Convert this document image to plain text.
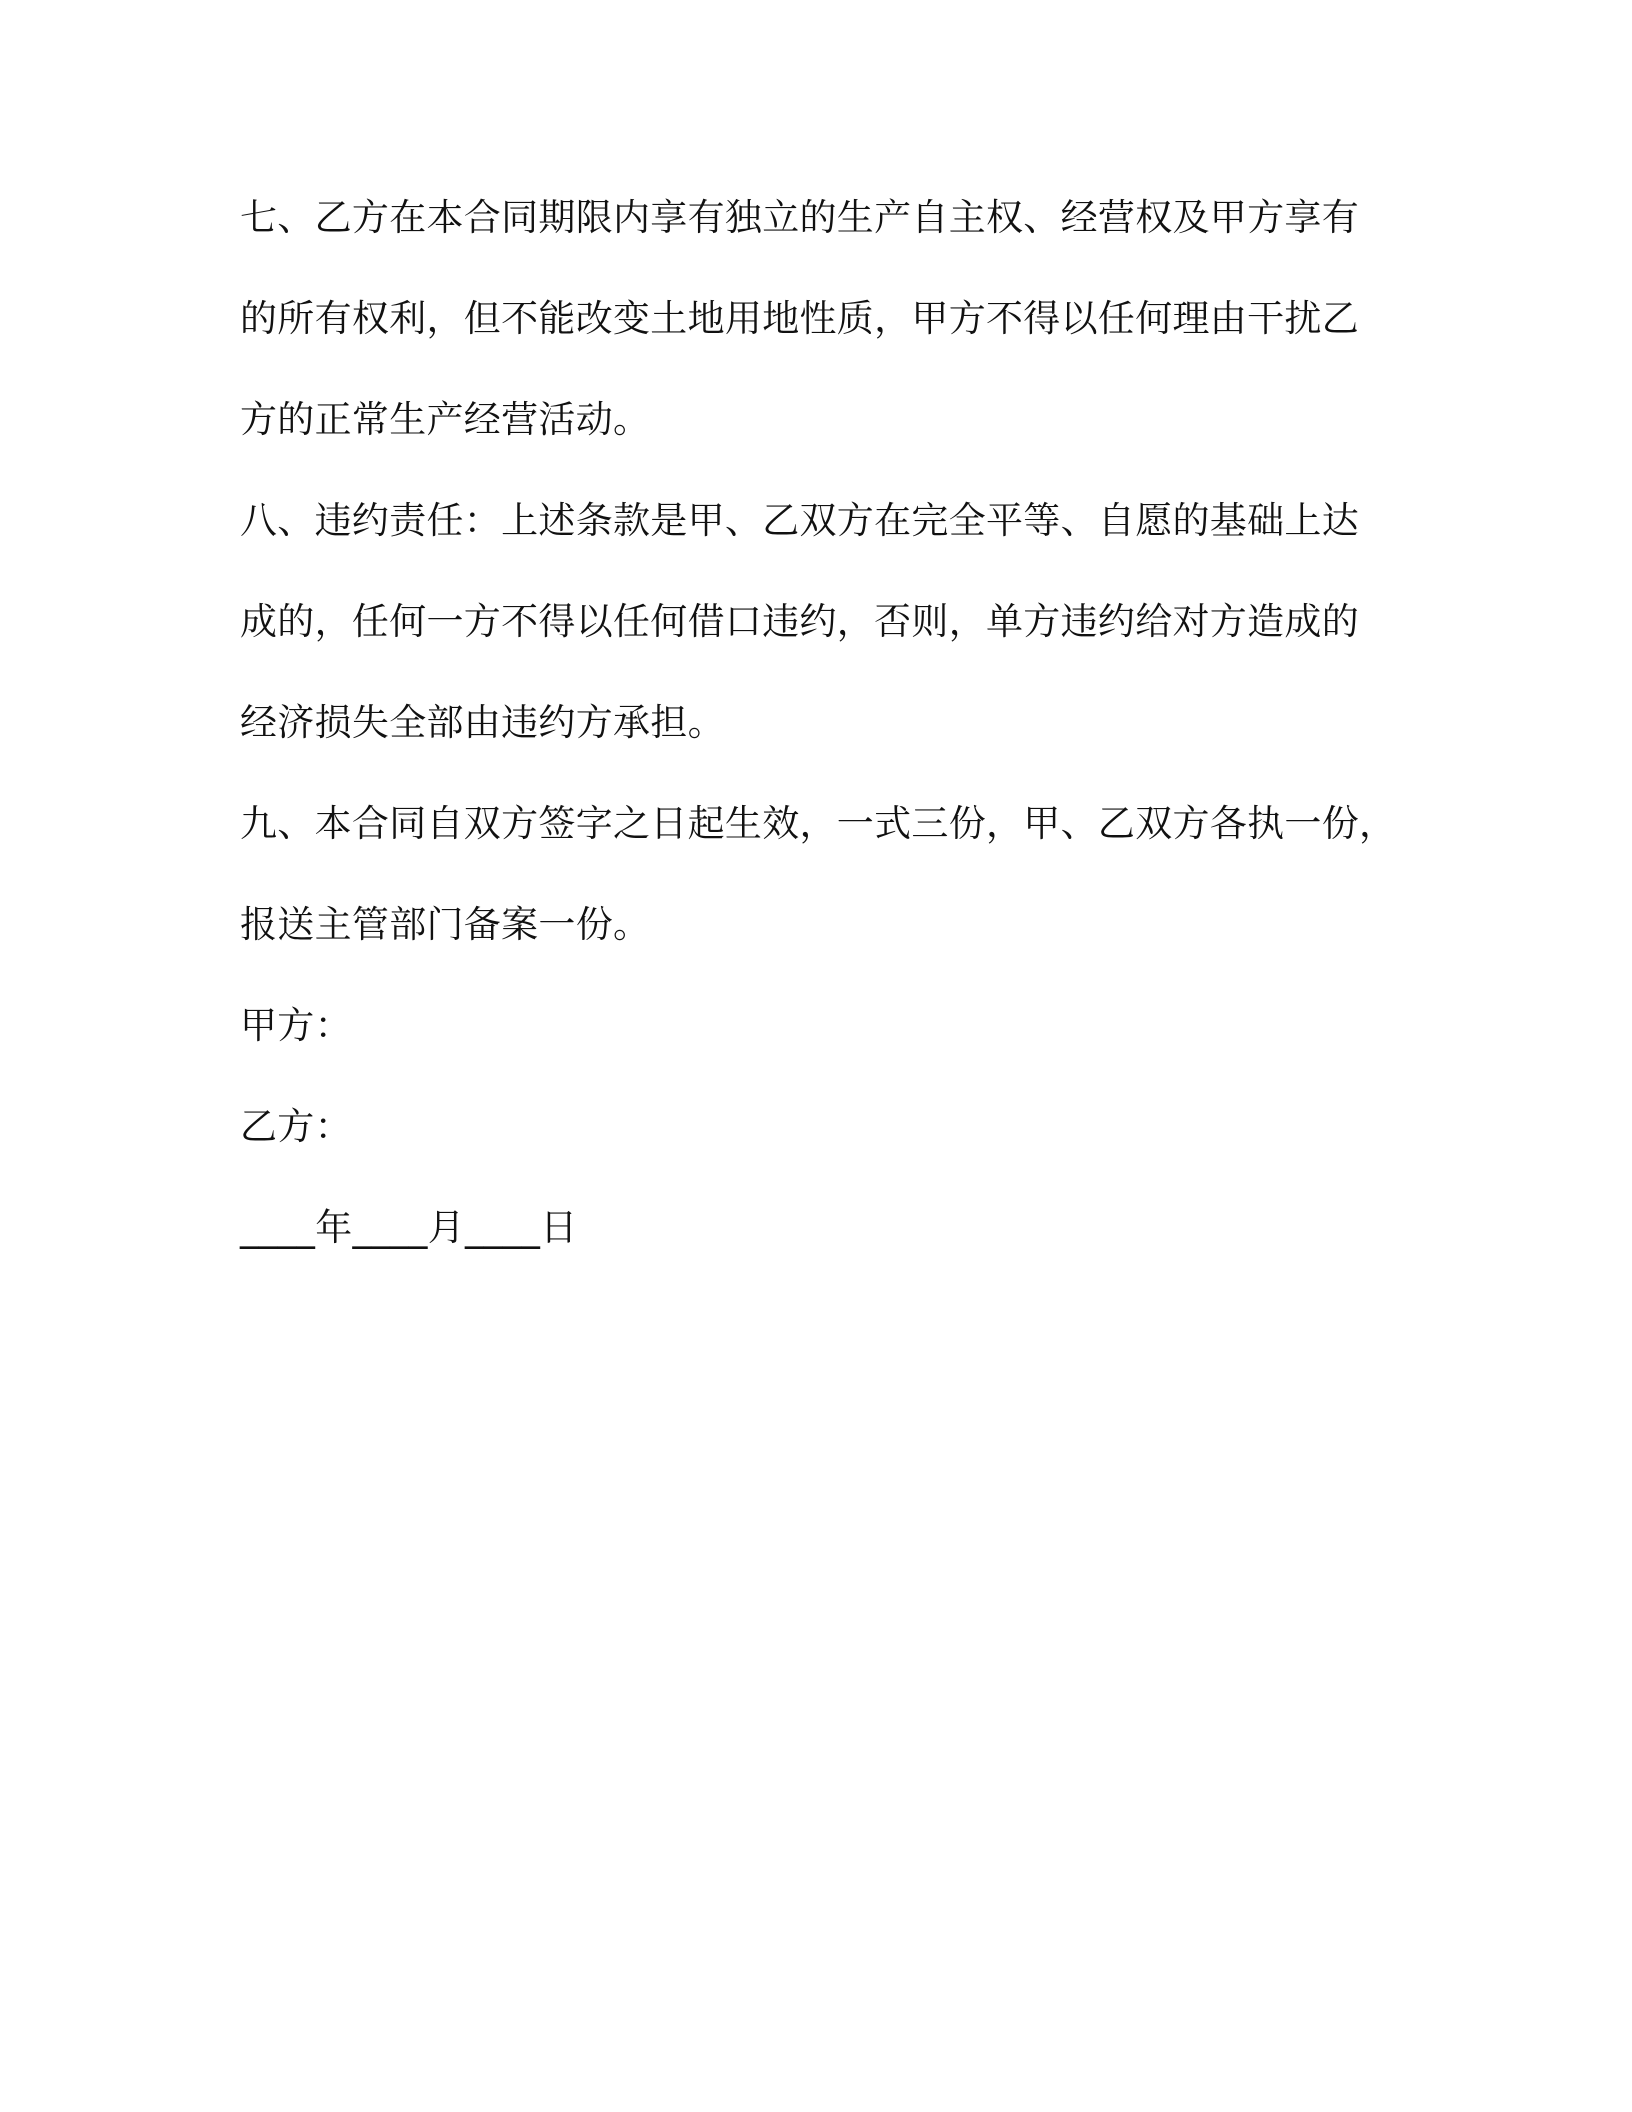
七、乙方在本合同期限内享有独立的生产自主权、经营权及甲方享有
的所有权利，但不能改变土地用地性质，甲方不得以任何理由干扰乙
方的正常生产经营活动。
八、违约责任：上述条款是甲、乙双方在完全平等、自愿的基础上达
成的，任何一方不得以任何借口违约，否则，单方违约给对方造成的
经济损失全部由违约方承担。
九、本合同自双方签字之日起生效，一式三份，甲、乙双方各执一份，
报送主管部门备案一份。
甲方：
乙方：
____年____月____日
